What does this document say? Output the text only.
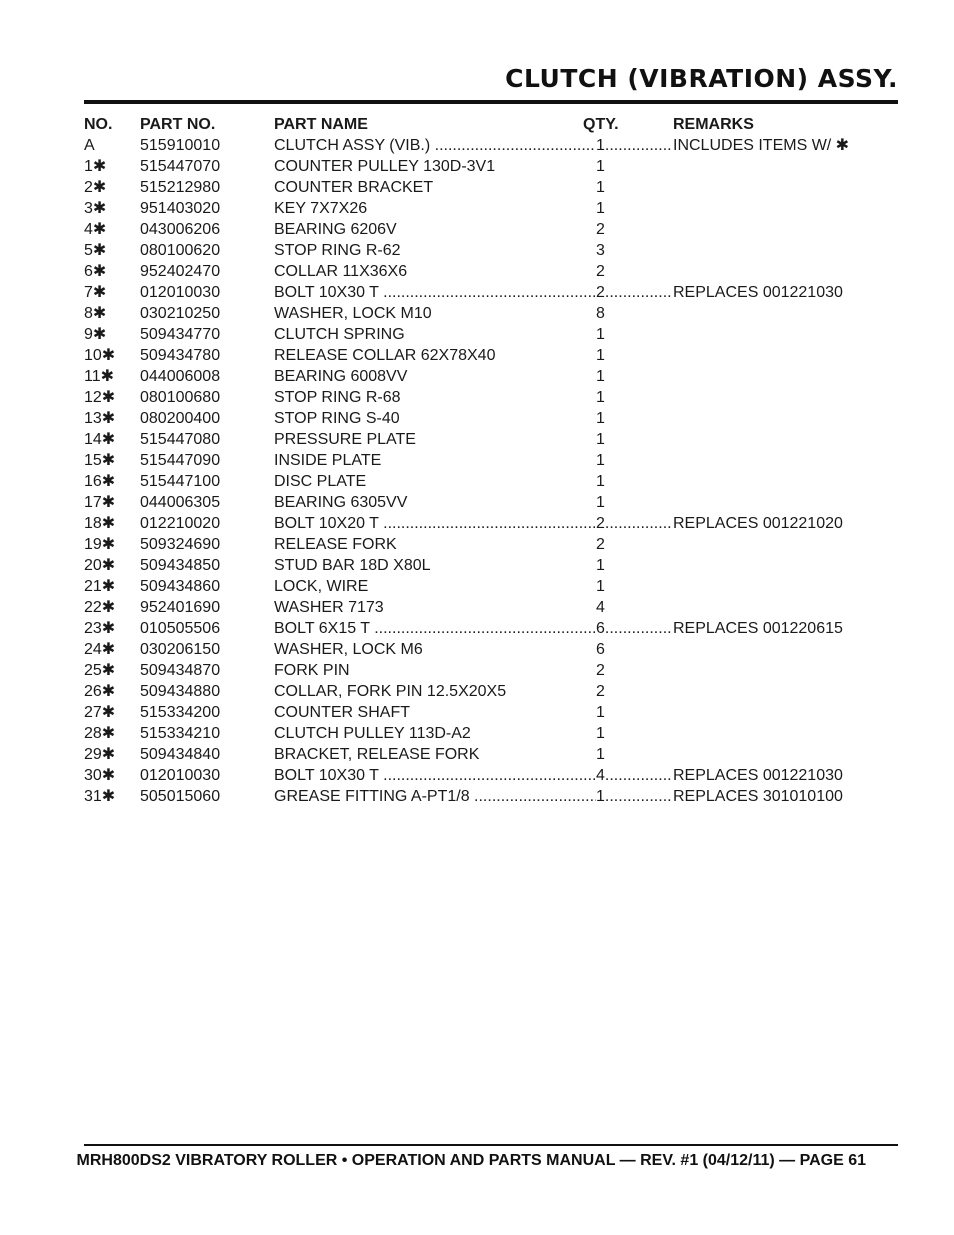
CLUTCH (VIBRATION) ASSY.
NO. PART NO.	PART NAME	QTY.	REMARKS
A	515910010	CLUTCH ASSY (VIB.) .....	1 .....	INCLUDES ITEMS W/ ✱
1✱ 515447070	COUNTER PULLEY 130D-3V1	1
2✱ 515212980	COUNTER BRACKET	1
3✱ 951403020	KEY 7X7X26	1
4✱ 043006206	BEARING 6206V	2
5✱ 080100620	STOP RING R-62	3
6✱ 952402470	COLLAR 11X36X6	2
7✱ 012010030	BOLT 10X30 T .....	2 .....	REPLACES 001221030
8✱ 030210250	WASHER, LOCK M10	8
9✱ 509434770	CLUTCH SPRING	1
10✱ 509434780	RELEASE COLLAR 62X78X40	1
11✱ 044006008	BEARING 6008VV	1
12✱ 080100680	STOP RING R-68	1
13✱ 080200400	STOP RING S-40	1
14✱ 515447080	PRESSURE PLATE	1
15✱ 515447090	INSIDE PLATE	1
16✱ 515447100	DISC PLATE	1
17✱ 044006305	BEARING 6305VV	1
18✱ 012210020	BOLT 10X20 T .....	2 .....	REPLACES 001221020
19✱ 509324690	RELEASE FORK	2
20✱ 509434850	STUD BAR 18D X80L	1
21✱ 509434860	LOCK, WIRE	1
22✱ 952401690	WASHER 7173	4
23✱ 010505506	BOLT 6X15 T .....	6 .....	REPLACES 001220615
24✱ 030206150	WASHER, LOCK M6	6
25✱ 509434870	FORK PIN	2
26✱ 509434880	COLLAR, FORK PIN 12.5X20X5	2
27✱ 515334200	COUNTER SHAFT	1
28✱ 515334210	CLUTCH PULLEY 113D-A2	1
29✱ 509434840	BRACKET, RELEASE FORK	1
30✱ 012010030	BOLT 10X30 T .....	4 .....	REPLACES 001221030
31✱ 505015060	GREASE FITTING A-PT1/8 .....	1 .....	REPLACES 301010100
MRH800DS2 VIBRATORY ROLLER • OPERATION AND PARTS MANUAL — REV. #1 (04/12/11) — PAGE 61
